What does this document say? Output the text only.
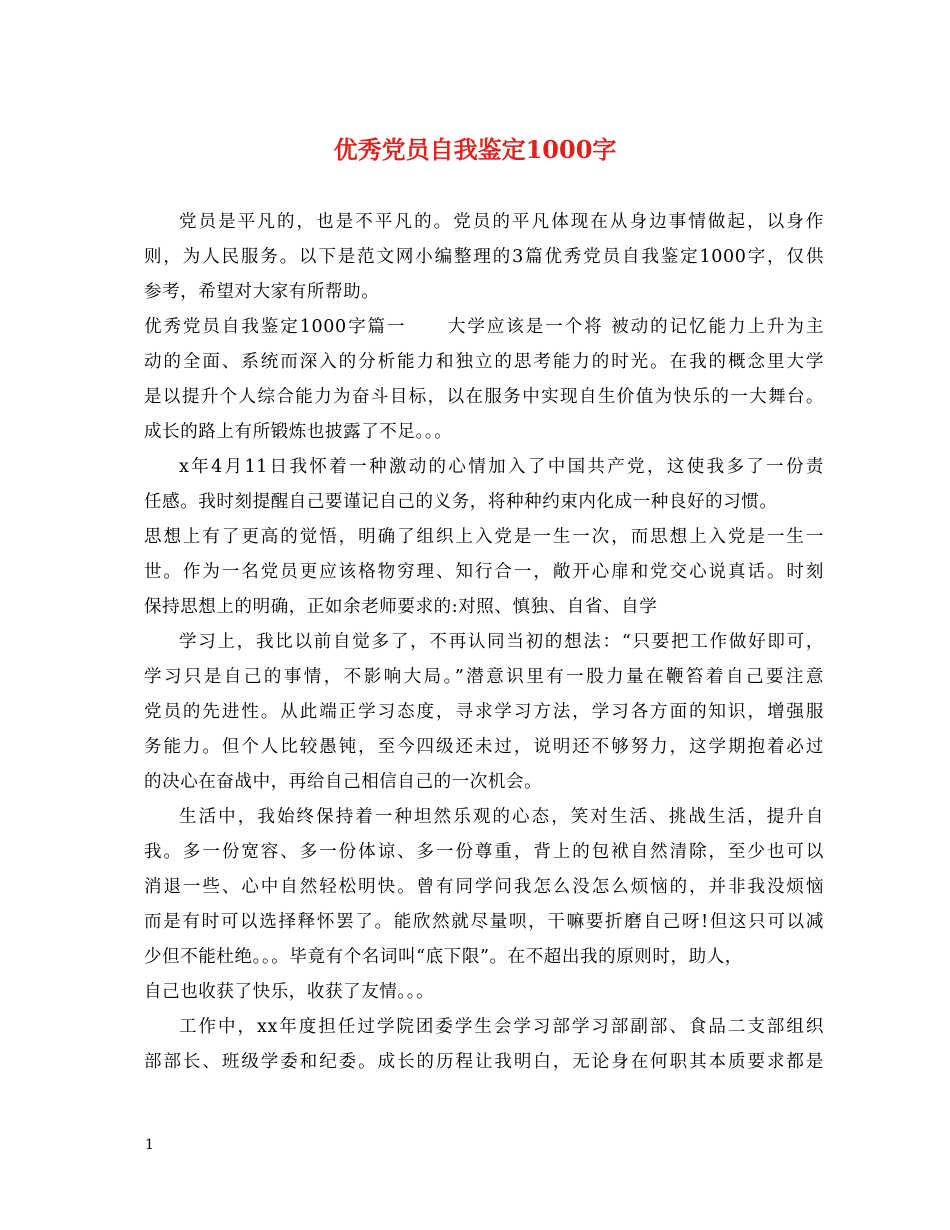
优秀党员自我鉴定1000字
党员是平凡的，也是不平凡的。党员的平凡体现在从身边事情做起，以身作
则，为人民服务。以下是范文网小编整理的3篇优秀党员自我鉴定1000字，仅供
参考，希望对大家有所帮助。
优秀党员自我鉴定1000字篇一 大学应该是一个将 被动的记忆能力上升为主
动的全面、系统而深入的分析能力和独立的思考能力的时光。在我的概念里大学
是以提升个人综合能力为奋斗目标，以在服务中实现自生价值为快乐的一大舞台。
成长的路上有所锻炼也披露了不足。。。
x年4月11日我怀着一种激动的心情加入了中国共产党，这使我多了一份责
任感。我时刻提醒自己要谨记自己的义务，将种种约束内化成一种良好的习惯。
思想上有了更高的觉悟，明确了组织上入党是一生一次，而思想上入党是一生一
世。作为一名党员更应该格物穷理、知行合一，敞开心扉和党交心说真话。时刻
保持思想上的明确，正如余老师要求的:对照、慎独、自省、自学
学习上，我比以前自觉多了，不再认同当初的想法：“只要把工作做好即可，
学习只是自己的事情，不影响大局。”潜意识里有一股力量在鞭笞着自己要注意
党员的先进性。从此端正学习态度，寻求学习方法，学习各方面的知识，增强服
务能力。但个人比较愚钝，至今四级还未过，说明还不够努力，这学期抱着必过
的决心在奋战中，再给自己相信自己的一次机会。
生活中，我始终保持着一种坦然乐观的心态，笑对生活、挑战生活，提升自
我。多一份宽容、多一份体谅、多一份尊重，背上的包袱自然清除，至少也可以
消退一些、心中自然轻松明快。曾有同学问我怎么没怎么烦恼的，并非我没烦恼
而是有时可以选择释怀罢了。能欣然就尽量呗，干嘛要折磨自己呀!但这只可以减
少但不能杜绝。。。毕竟有个名词叫“底下限”。在不超出我的原则时，助人，
自己也收获了快乐，收获了友情。。。
工作中，xx年度担任过学院团委学生会学习部学习部副部、食品二支部组织
部部长、班级学委和纪委。成长的历程让我明白，无论身在何职其本质要求都是
1
